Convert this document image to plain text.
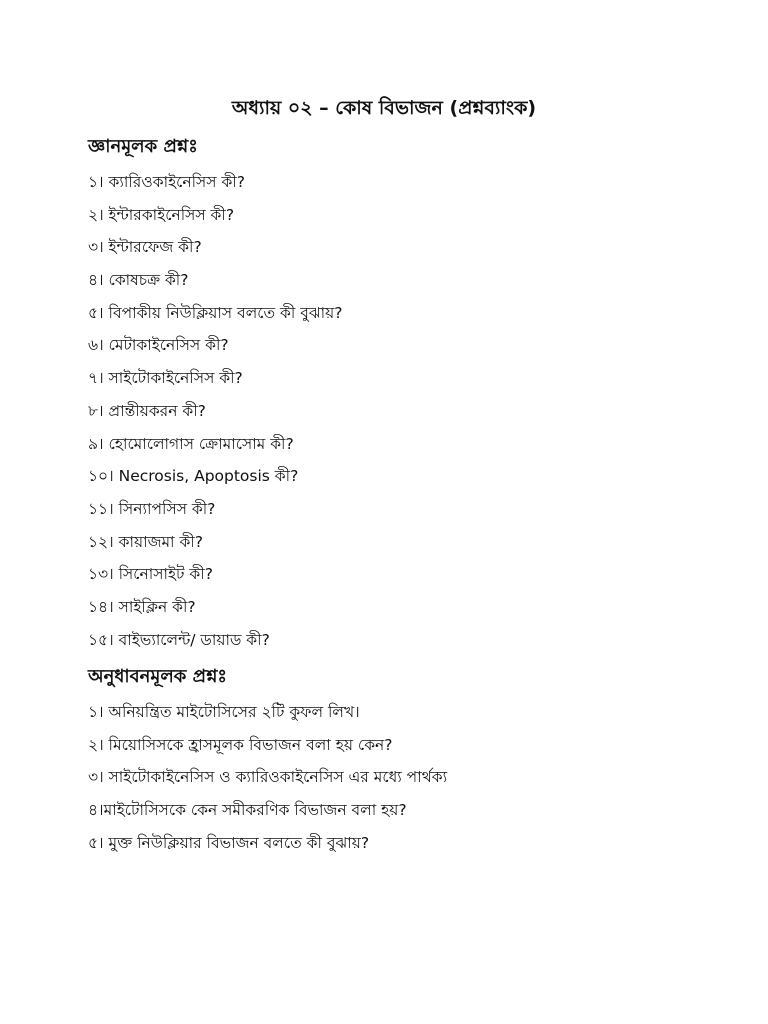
অধ্যায় ০২ – কোষ বিভাজন (প্রশ্নব্যাংক)
জ্ঞানমূলক প্রশ্নঃ
১। ক্যারিওকাইনেসিস কী?
২। ইন্টারকাইনেসিস কী?
৩। ইন্টারফেজ কী?
৪। কোষচক্র কী?
৫। বিপাকীয় নিউক্লিয়াস বলতে কী বুঝায়?
৬। মেটাকাইনেসিস কী?
৭। সাইটোকাইনেসিস কী?
৮। প্রান্তীয়করন কী?
৯। হোমোলোগাস ক্রোমাসোম কী?
১০। Necrosis, Apoptosis কী?
১১। সিন্যাপসিস কী?
১২। কায়াজমা কী?
১৩। সিনোসাইট কী?
১৪। সাইক্লিন কী?
১৫। বাইভ্যালেন্ট/ ডায়াড কী?
অনুধাবনমূলক প্রশ্নঃ
১। অনিয়ন্ত্রিত মাইটোসিসের ২টি কুফল লিখ।
২। মিয়োসিসকে হ্রাসমূলক বিভাজন বলা হয় কেন?
৩। সাইটোকাইনেসিস ও ক্যারিওকাইনেসিস এর মধ্যে পার্থক্য
৪।মাইটোসিসকে কেন সমীকরণিক বিভাজন বলা হয়?
৫। মুক্ত নিউক্লিয়ার বিভাজন বলতে কী বুঝায়?
